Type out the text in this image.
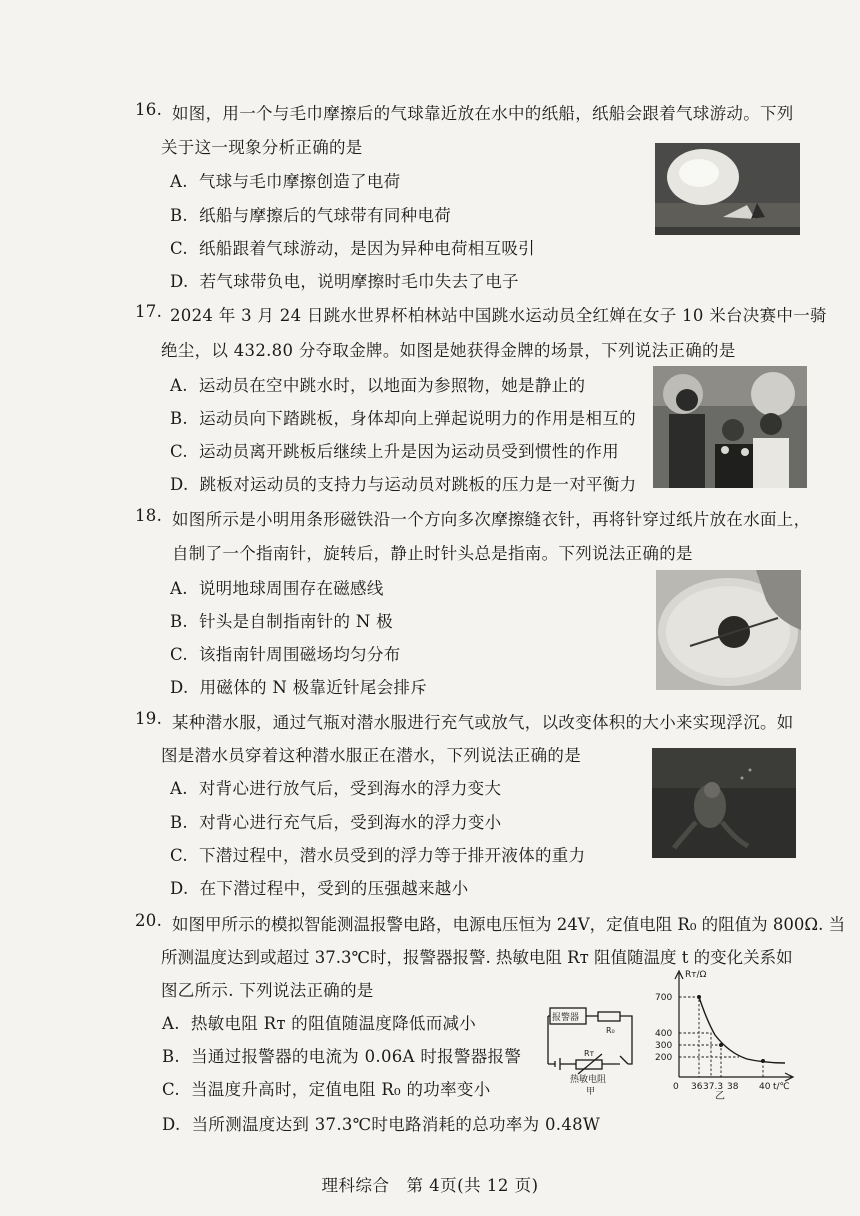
16. 如图，用一个与毛巾摩擦后的气球靠近放在水中的纸船，纸船会跟着气球游动。下列
关于这一现象分析正确的是
A. 气球与毛巾摩擦创造了电荷
B. 纸船与摩擦后的气球带有同种电荷
C. 纸船跟着气球游动，是因为异种电荷相互吸引
D. 若气球带负电，说明摩擦时毛巾失去了电子
17. 2024 年 3 月 24 日跳水世界杯柏林站中国跳水运动员全红婵在女子 10 米台决赛中一骑
绝尘，以 432.80 分夺取金牌。如图是她获得金牌的场景，下列说法正确的是
A. 运动员在空中跳水时，以地面为参照物，她是静止的
B. 运动员向下踏跳板，身体却向上弹起说明力的作用是相互的
C. 运动员离开跳板后继续上升是因为运动员受到惯性的作用
D. 跳板对运动员的支持力与运动员对跳板的压力是一对平衡力
18. 如图所示是小明用条形磁铁沿一个方向多次摩擦缝衣针，再将针穿过纸片放在水面上，
自制了一个指南针，旋转后，静止时针头总是指南。下列说法正确的是
A. 说明地球周围存在磁感线
B. 针头是自制指南针的 N 极
C. 该指南针周围磁场均匀分布
D. 用磁体的 N 极靠近针尾会排斥
19. 某种潜水服，通过气瓶对潜水服进行充气或放气，以改变体积的大小来实现浮沉。如
图是潜水员穿着这种潜水服正在潜水，下列说法正确的是
A. 对背心进行放气后，受到海水的浮力变大
B. 对背心进行充气后，受到海水的浮力变小
C. 下潜过程中，潜水员受到的浮力等于排开液体的重力
D. 在下潜过程中，受到的压强越来越小
20. 如图甲所示的模拟智能测温报警电路，电源电压恒为 24V，定值电阻 R₀ 的阻值为 800Ω. 当
所测温度达到或超过 37.3℃时，报警器报警. 热敏电阻 Rᴛ 阻值随温度 t 的变化关系如
图乙所示. 下列说法正确的是
A. 热敏电阻 Rᴛ 的阻值随温度降低而减小
B. 当通过报警器的电流为 0.06A 时报警器报警
C. 当温度升高时，定值电阻 R₀ 的功率变小
D. 当所测温度达到 37.3℃时电路消耗的总功率为 0.48W
报警器
R₀
Rᴛ
热敏电阻
甲
Rᴛ/Ω
700
400
300
200
0 36 37.3 38 40 t/℃
乙
理科综合　第 4页(共 12 页)
